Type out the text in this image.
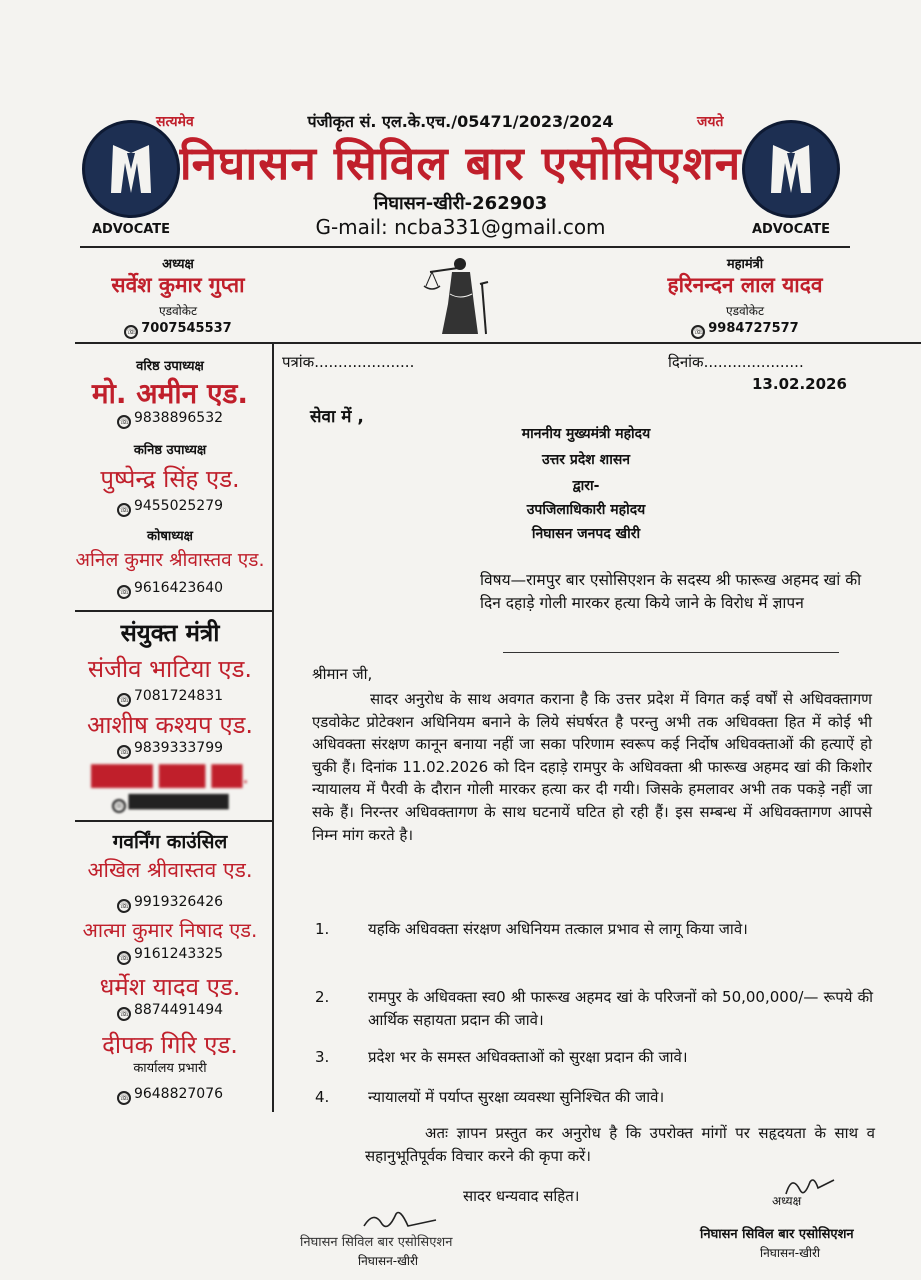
सत्यमेव	जयते
पंजीकृत सं. एल.के.एच./05471/2023/2024
ADVOCATE	ADVOCATE
निघासन सिविल बार एसोसिएशन
निघासन-खीरी-262903
G-mail: ncba331@gmail.com
अध्यक्ष
सर्वेश कुमार गुप्ता
एडवोकेट
☏ 7007545537
महामंत्री
हरिनन्दन लाल यादव
एडवोकेट
☏ 9984727577
वरिष्ठ उपाध्यक्ष
मो. अमीन एड.
☏ 9838896532
कनिष्ठ उपाध्यक्ष
पुष्पेन्द्र सिंह एड.
☏ 9455025279
कोषाध्यक्ष
अनिल कुमार श्रीवास्तव एड.
☏ 9616423640
संयुक्त मंत्री
संजीव भाटिया एड.
☏ 7081724831
आशीष कश्यप एड.
☏ 9839333799
████ ███ ██.
☏ ██████████
गवर्निंग काउंसिल
अखिल श्रीवास्तव एड.
☏ 9919326426
आत्मा कुमार निषाद एड.
☏ 9161243325
धर्मेश यादव एड.
☏ 8874491494
दीपक गिरि एड.
कार्यालय प्रभारी
☏ 9648827076
पत्रांक.....................	दिनांक.....................
13.02.2026
सेवा में ,
माननीय मुख्यमंत्री महोदय
उत्तर प्रदेश शासन
द्वारा-
उपजिलाधिकारी महोदय
निघासन जनपद खीरी
विषय—रामपुर बार एसोसिएशन के सदस्य श्री फारूख अहमद खां की दिन दहाड़े गोली मारकर हत्या किये जाने के विरोध में ज्ञापन
श्रीमान जी,
सादर अनुरोध के साथ अवगत कराना है कि उत्तर प्रदेश में विगत कई वर्षों से अधिवक्तागण एडवोकेट प्रोटेक्शन अधिनियम बनाने के लिये संघर्षरत है परन्तु अभी तक अधिवक्ता हित में कोई भी अधिवक्ता संरक्षण कानून बनाया नहीं जा सका परिणाम स्वरूप कई निर्दोष अधिवक्ताओं की हत्याऐं हो चुकी हैं। दिनांक 11.02.2026 को दिन दहाड़े रामपुर के अधिवक्ता श्री फारूख अहमद खां की किशोर न्यायालय में पैरवी के दौरान गोली मारकर हत्या कर दी गयी। जिसके हमलावर अभी तक पकड़े नहीं जा सके हैं। निरन्तर अधिवक्तागण के साथ घटनायें घटित हो रही हैं। इस सम्बन्ध में अधिवक्तागण आपसे निम्न मांग करते है।
1.	यहकि अधिवक्ता संरक्षण अधिनियम तत्काल प्रभाव से लागू किया जावे।
2.	रामपुर के अधिवक्ता स्व0 श्री फारूख अहमद खां के परिजनों को 50,00,000/— रूपये की आर्थिक सहायता प्रदान की जावे।
3.	प्रदेश भर के समस्त अधिवक्ताओं को सुरक्षा प्रदान की जावे।
4.	न्यायालयों में पर्याप्त सुरक्षा व्यवस्था सुनिश्चित की जावे।
अतः ज्ञापन प्रस्तुत कर अनुरोध है कि उपरोक्त मांगों पर सहृदयता के साथ व सहानुभूतिपूर्वक विचार करने की कृपा करें।
सादर धन्यवाद सहित।	अध्यक्ष
निघासन सिविल बार एसोसिएशन
निघासन-खीरी
निघासन सिविल बार एसोसिएशन
निघासन-खीरी
